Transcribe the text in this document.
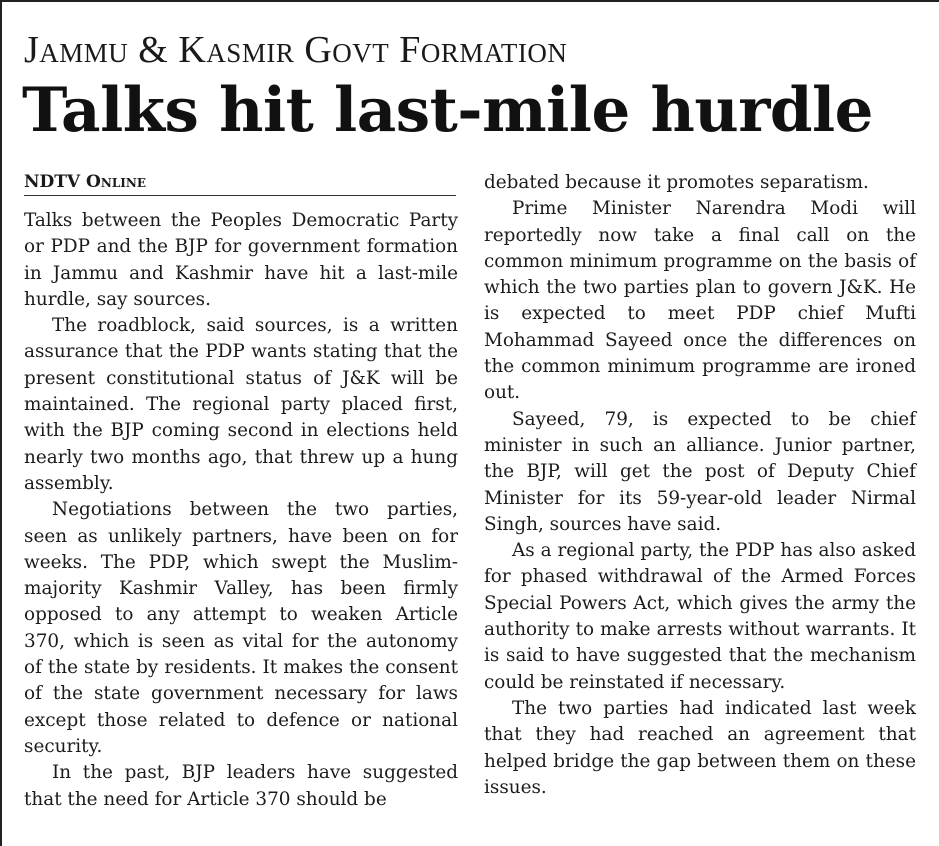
Jammu & Kasmir Govt Formation
Talks hit last-mile hurdle
NDTV Online

Talks between the Peoples Democratic Party or PDP and the BJP for government formation in Jammu and Kashmir have hit a last-mile hurdle, say sources.

The roadblock, said sources, is a written assurance that the PDP wants stating that the present constitutional status of J&K will be maintained. The regional party placed first, with the BJP coming second in elections held nearly two months ago, that threw up a hung assembly.

Negotiations between the two parties, seen as unlikely partners, have been on for weeks. The PDP, which swept the Muslim-majority Kashmir Valley, has been firmly opposed to any attempt to weaken Article 370, which is seen as vital for the autonomy of the state by residents. It makes the consent of the state government necessary for laws except those related to defence or national security.

In the past, BJP leaders have suggested that the need for Article 370 should be

debated because it promotes separatism.

Prime Minister Narendra Modi will reportedly now take a final call on the common minimum programme on the basis of which the two parties plan to govern J&K. He is expected to meet PDP chief Mufti Mohammad Sayeed once the differences on the common minimum programme are ironed out.

Sayeed, 79, is expected to be chief minister in such an alliance. Junior partner, the BJP, will get the post of Deputy Chief Minister for its 59-year-old leader Nirmal Singh, sources have said.

As a regional party, the PDP has also asked for phased withdrawal of the Armed Forces Special Powers Act, which gives the army the authority to make arrests without warrants. It is said to have suggested that the mechanism could be reinstated if necessary.

The two parties had indicated last week that they had reached an agreement that helped bridge the gap between them on these issues.
